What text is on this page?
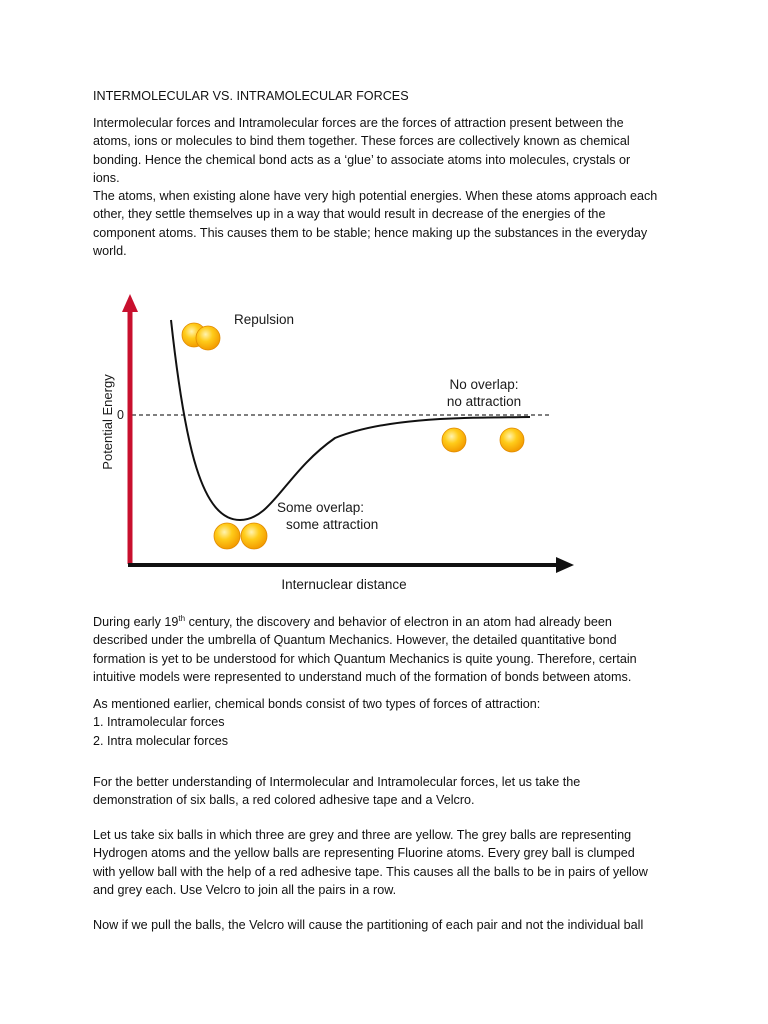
INTERMOLECULAR VS. INTRAMOLECULAR FORCES

Intermolecular forces and Intramolecular forces are the forces of attraction present between the
atoms, ions or molecules to bind them together. These forces are collectively known as chemical
bonding. Hence the chemical bond acts as a ‘glue’ to associate atoms into molecules, crystals or
ions.
The atoms, when existing alone have very high potential energies. When these atoms approach each
other, they settle themselves up in a way that would result in decrease of the energies of the
component atoms. This causes them to be stable; hence making up the substances in the everyday
world.

Repulsion
No overlap:
no attraction
Some overlap:
some attraction
0
Internuclear distance
Potential Energy

During early 19th century, the discovery and behavior of electron in an atom had already been
described under the umbrella of Quantum Mechanics. However, the detailed quantitative bond
formation is yet to be understood for which Quantum Mechanics is quite young. Therefore, certain
intuitive models were represented to understand much of the formation of bonds between atoms.

As mentioned earlier, chemical bonds consist of two types of forces of attraction:
1. Intramolecular forces
2. Intra molecular forces

For the better understanding of Intermolecular and Intramolecular forces, let us take the
demonstration of six balls, a red colored adhesive tape and a Velcro.

Let us take six balls in which three are grey and three are yellow. The grey balls are representing
Hydrogen atoms and the yellow balls are representing Fluorine atoms. Every grey ball is clumped
with yellow ball with the help of a red adhesive tape. This causes all the balls to be in pairs of yellow
and grey each. Use Velcro to join all the pairs in a row.

Now if we pull the balls, the Velcro will cause the partitioning of each pair and not the individual ball
